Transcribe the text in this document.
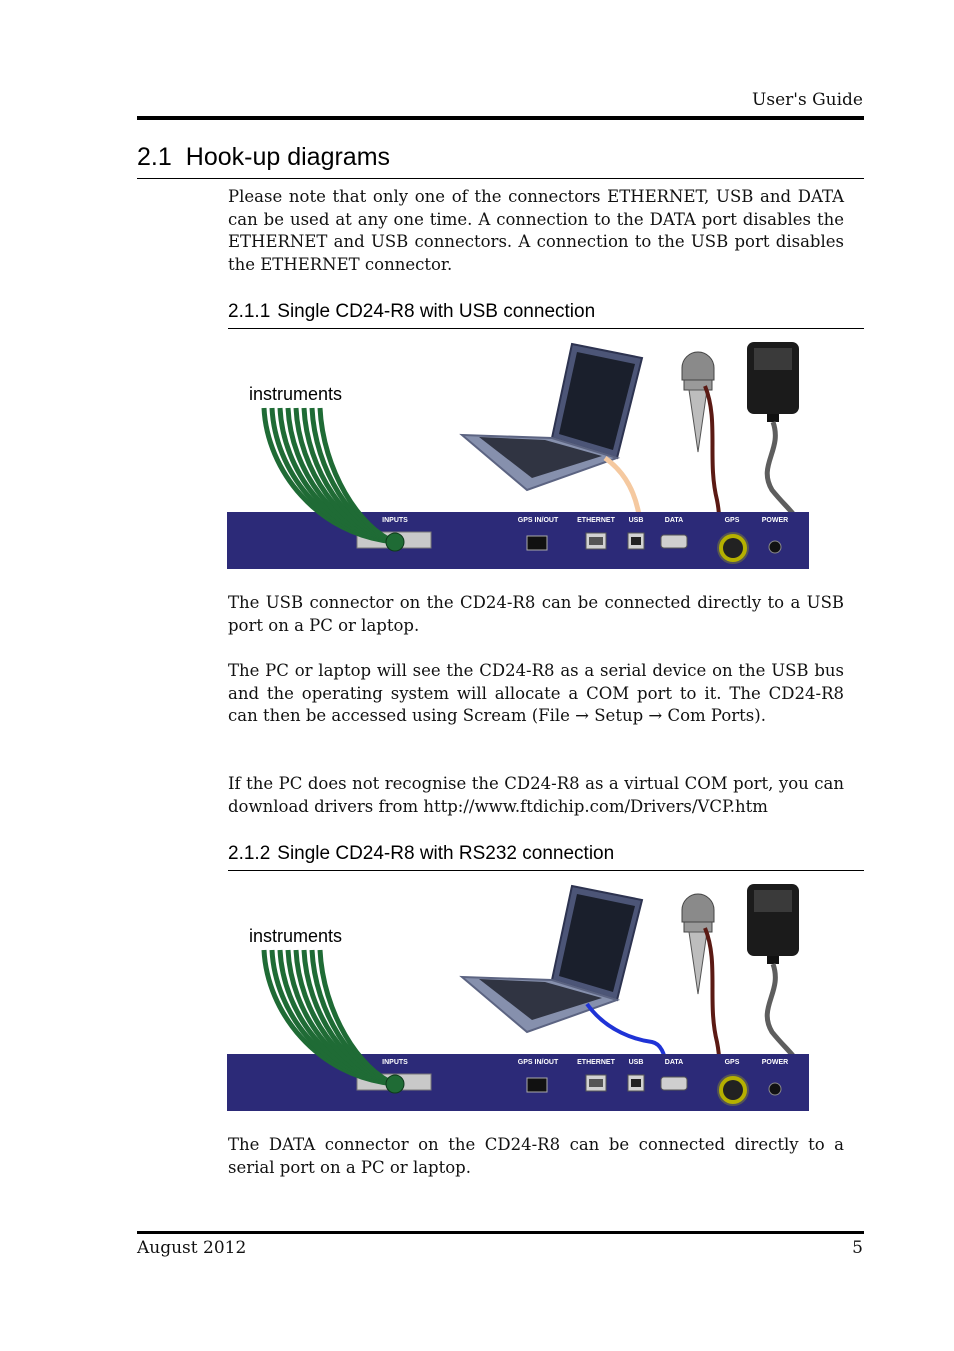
User's Guide
2.1 Hook-up diagrams

Please note that only one of the connectors ETHERNET, USB and DATA can be used at any one time. A connection to the DATA port disables the ETHERNET and USB connectors. A connection to the USB port disables the ETHERNET connector.

2.1.1 Single CD24-R8 with USB connection
INPUTS	GPS IN/OUT	ETHERNET USB	DATA	GPS	POWER
instruments

The USB connector on the CD24-R8 can be connected directly to a USB port on a PC or laptop.

The PC or laptop will see the CD24-R8 as a serial device on the USB bus and the operating system will allocate a COM port to it. The CD24-R8 can then be accessed using Scream (File → Setup → Com Ports).

If the PC does not recognise the CD24-R8 as a virtual COM port, you can download drivers from http://www.ftdichip.com/Drivers/VCP.htm

2.1.2 Single CD24-R8 with RS232 connection
INPUTS	GPS IN/OUT	ETHERNET USB	DATA	GPS	POWER
instruments

The DATA connector on the CD24-R8 can be connected directly to a serial port on a PC or laptop.

August 2012	5
